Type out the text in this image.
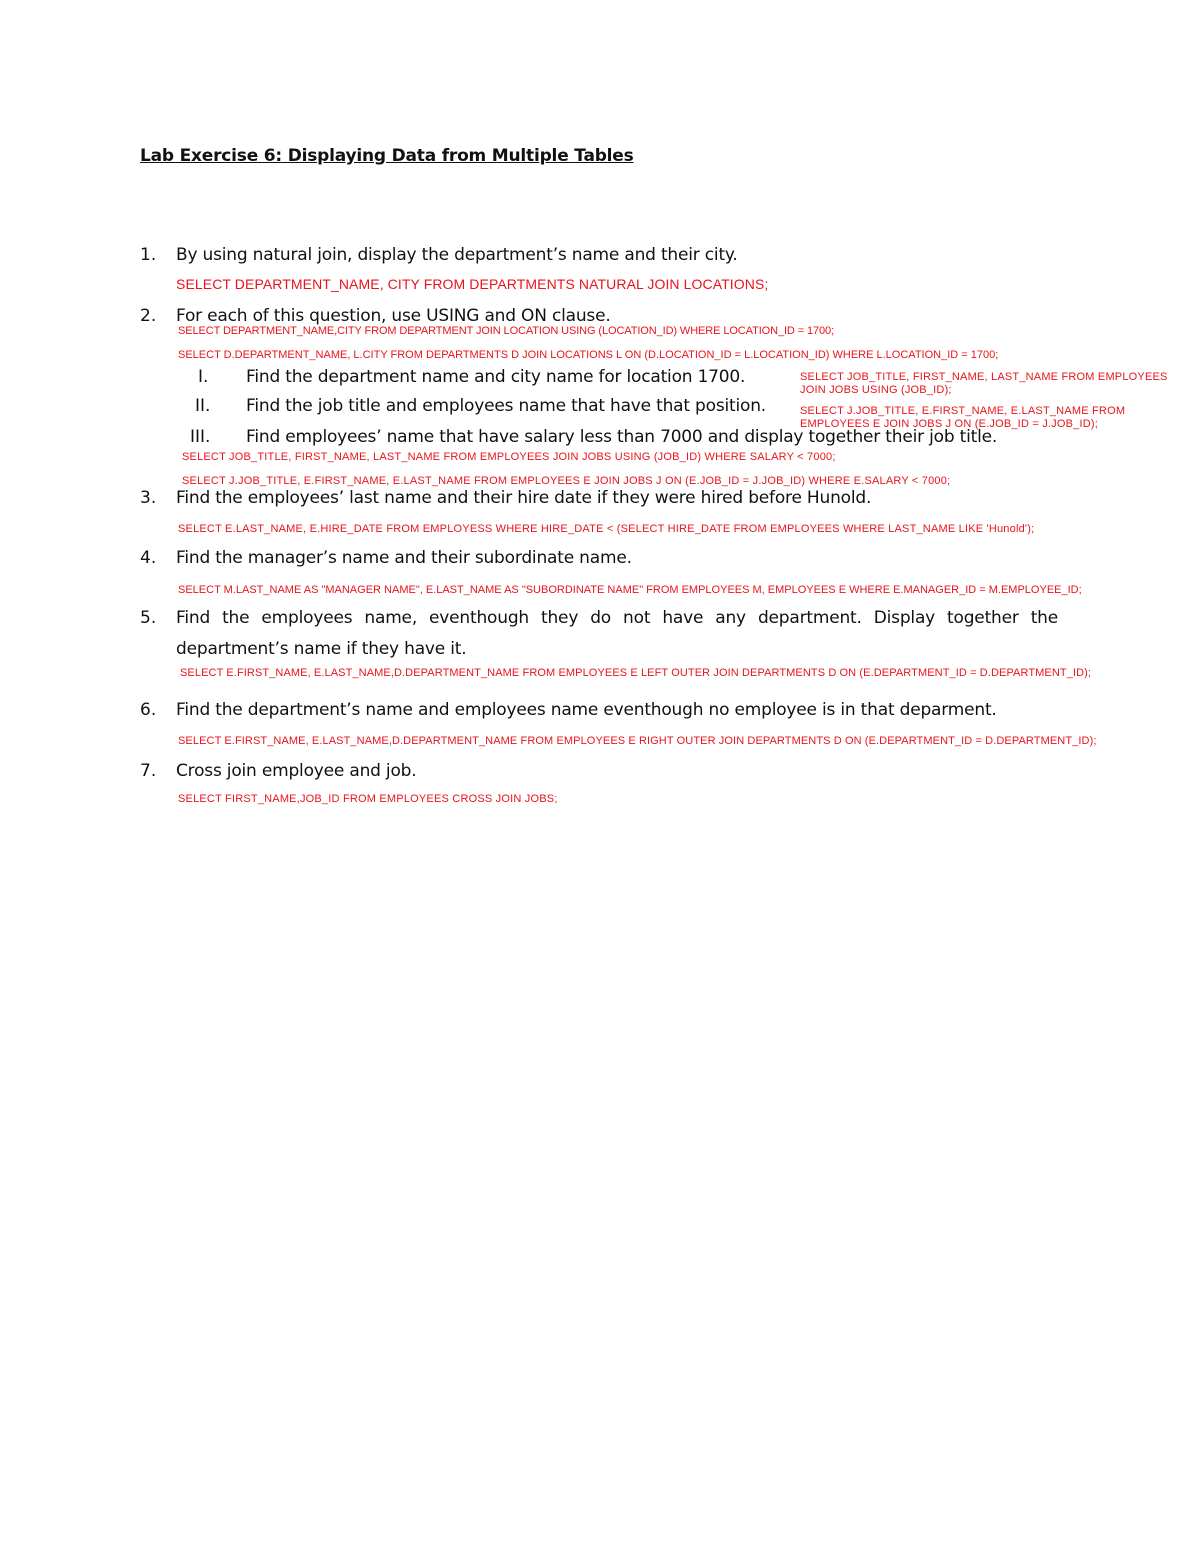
Lab Exercise 6: Displaying Data from Multiple Tables
1. By using natural join, display the department’s name and their city.
SELECT DEPARTMENT_NAME, CITY FROM DEPARTMENTS NATURAL JOIN LOCATIONS;
2. For each of this question, use USING and ON clause.
SELECT DEPARTMENT_NAME,CITY FROM DEPARTMENT JOIN LOCATION USING (LOCATION_ID) WHERE LOCATION_ID = 1700;
SELECT D.DEPARTMENT_NAME, L.CITY FROM DEPARTMENTS D JOIN LOCATIONS L ON (D.LOCATION_ID = L.LOCATION_ID) WHERE L.LOCATION_ID = 1700;
I. Find the department name and city name for location 1700.
II. Find the job title and employees name that have that position.
III. Find employees’ name that have salary less than 7000 and display together their job title.
SELECT JOB_TITLE, FIRST_NAME, LAST_NAME FROM EMPLOYEES
JOIN JOBS USING (JOB_ID);
SELECT J.JOB_TITLE, E.FIRST_NAME, E.LAST_NAME FROM
EMPLOYEES E JOIN JOBS J ON (E.JOB_ID = J.JOB_ID);
SELECT JOB_TITLE, FIRST_NAME, LAST_NAME FROM EMPLOYEES JOIN JOBS USING (JOB_ID) WHERE SALARY < 7000;
SELECT J.JOB_TITLE, E.FIRST_NAME, E.LAST_NAME FROM EMPLOYEES E JOIN JOBS J ON (E.JOB_ID = J.JOB_ID) WHERE E.SALARY < 7000;
3. Find the employees’ last name and their hire date if they were hired before Hunold.
SELECT E.LAST_NAME, E.HIRE_DATE FROM EMPLOYESS WHERE HIRE_DATE < (SELECT HIRE_DATE FROM EMPLOYEES WHERE LAST_NAME LIKE 'Hunold');
4. Find the manager’s name and their subordinate name.
SELECT M.LAST_NAME AS "MANAGER NAME", E.LAST_NAME AS "SUBORDINATE NAME" FROM EMPLOYEES M, EMPLOYEES E WHERE E.MANAGER_ID = M.EMPLOYEE_ID;
5. Find the employees name, eventhough they do not have any department. Display together the
department’s name if they have it.
SELECT E.FIRST_NAME, E.LAST_NAME,D.DEPARTMENT_NAME FROM EMPLOYEES E LEFT OUTER JOIN DEPARTMENTS D ON (E.DEPARTMENT_ID = D.DEPARTMENT_ID);
6. Find the department’s name and employees name eventhough no employee is in that deparment.
SELECT E.FIRST_NAME, E.LAST_NAME,D.DEPARTMENT_NAME FROM EMPLOYEES E RIGHT OUTER JOIN DEPARTMENTS D ON (E.DEPARTMENT_ID = D.DEPARTMENT_ID);
7. Cross join employee and job.
SELECT FIRST_NAME,JOB_ID FROM EMPLOYEES CROSS JOIN JOBS;
